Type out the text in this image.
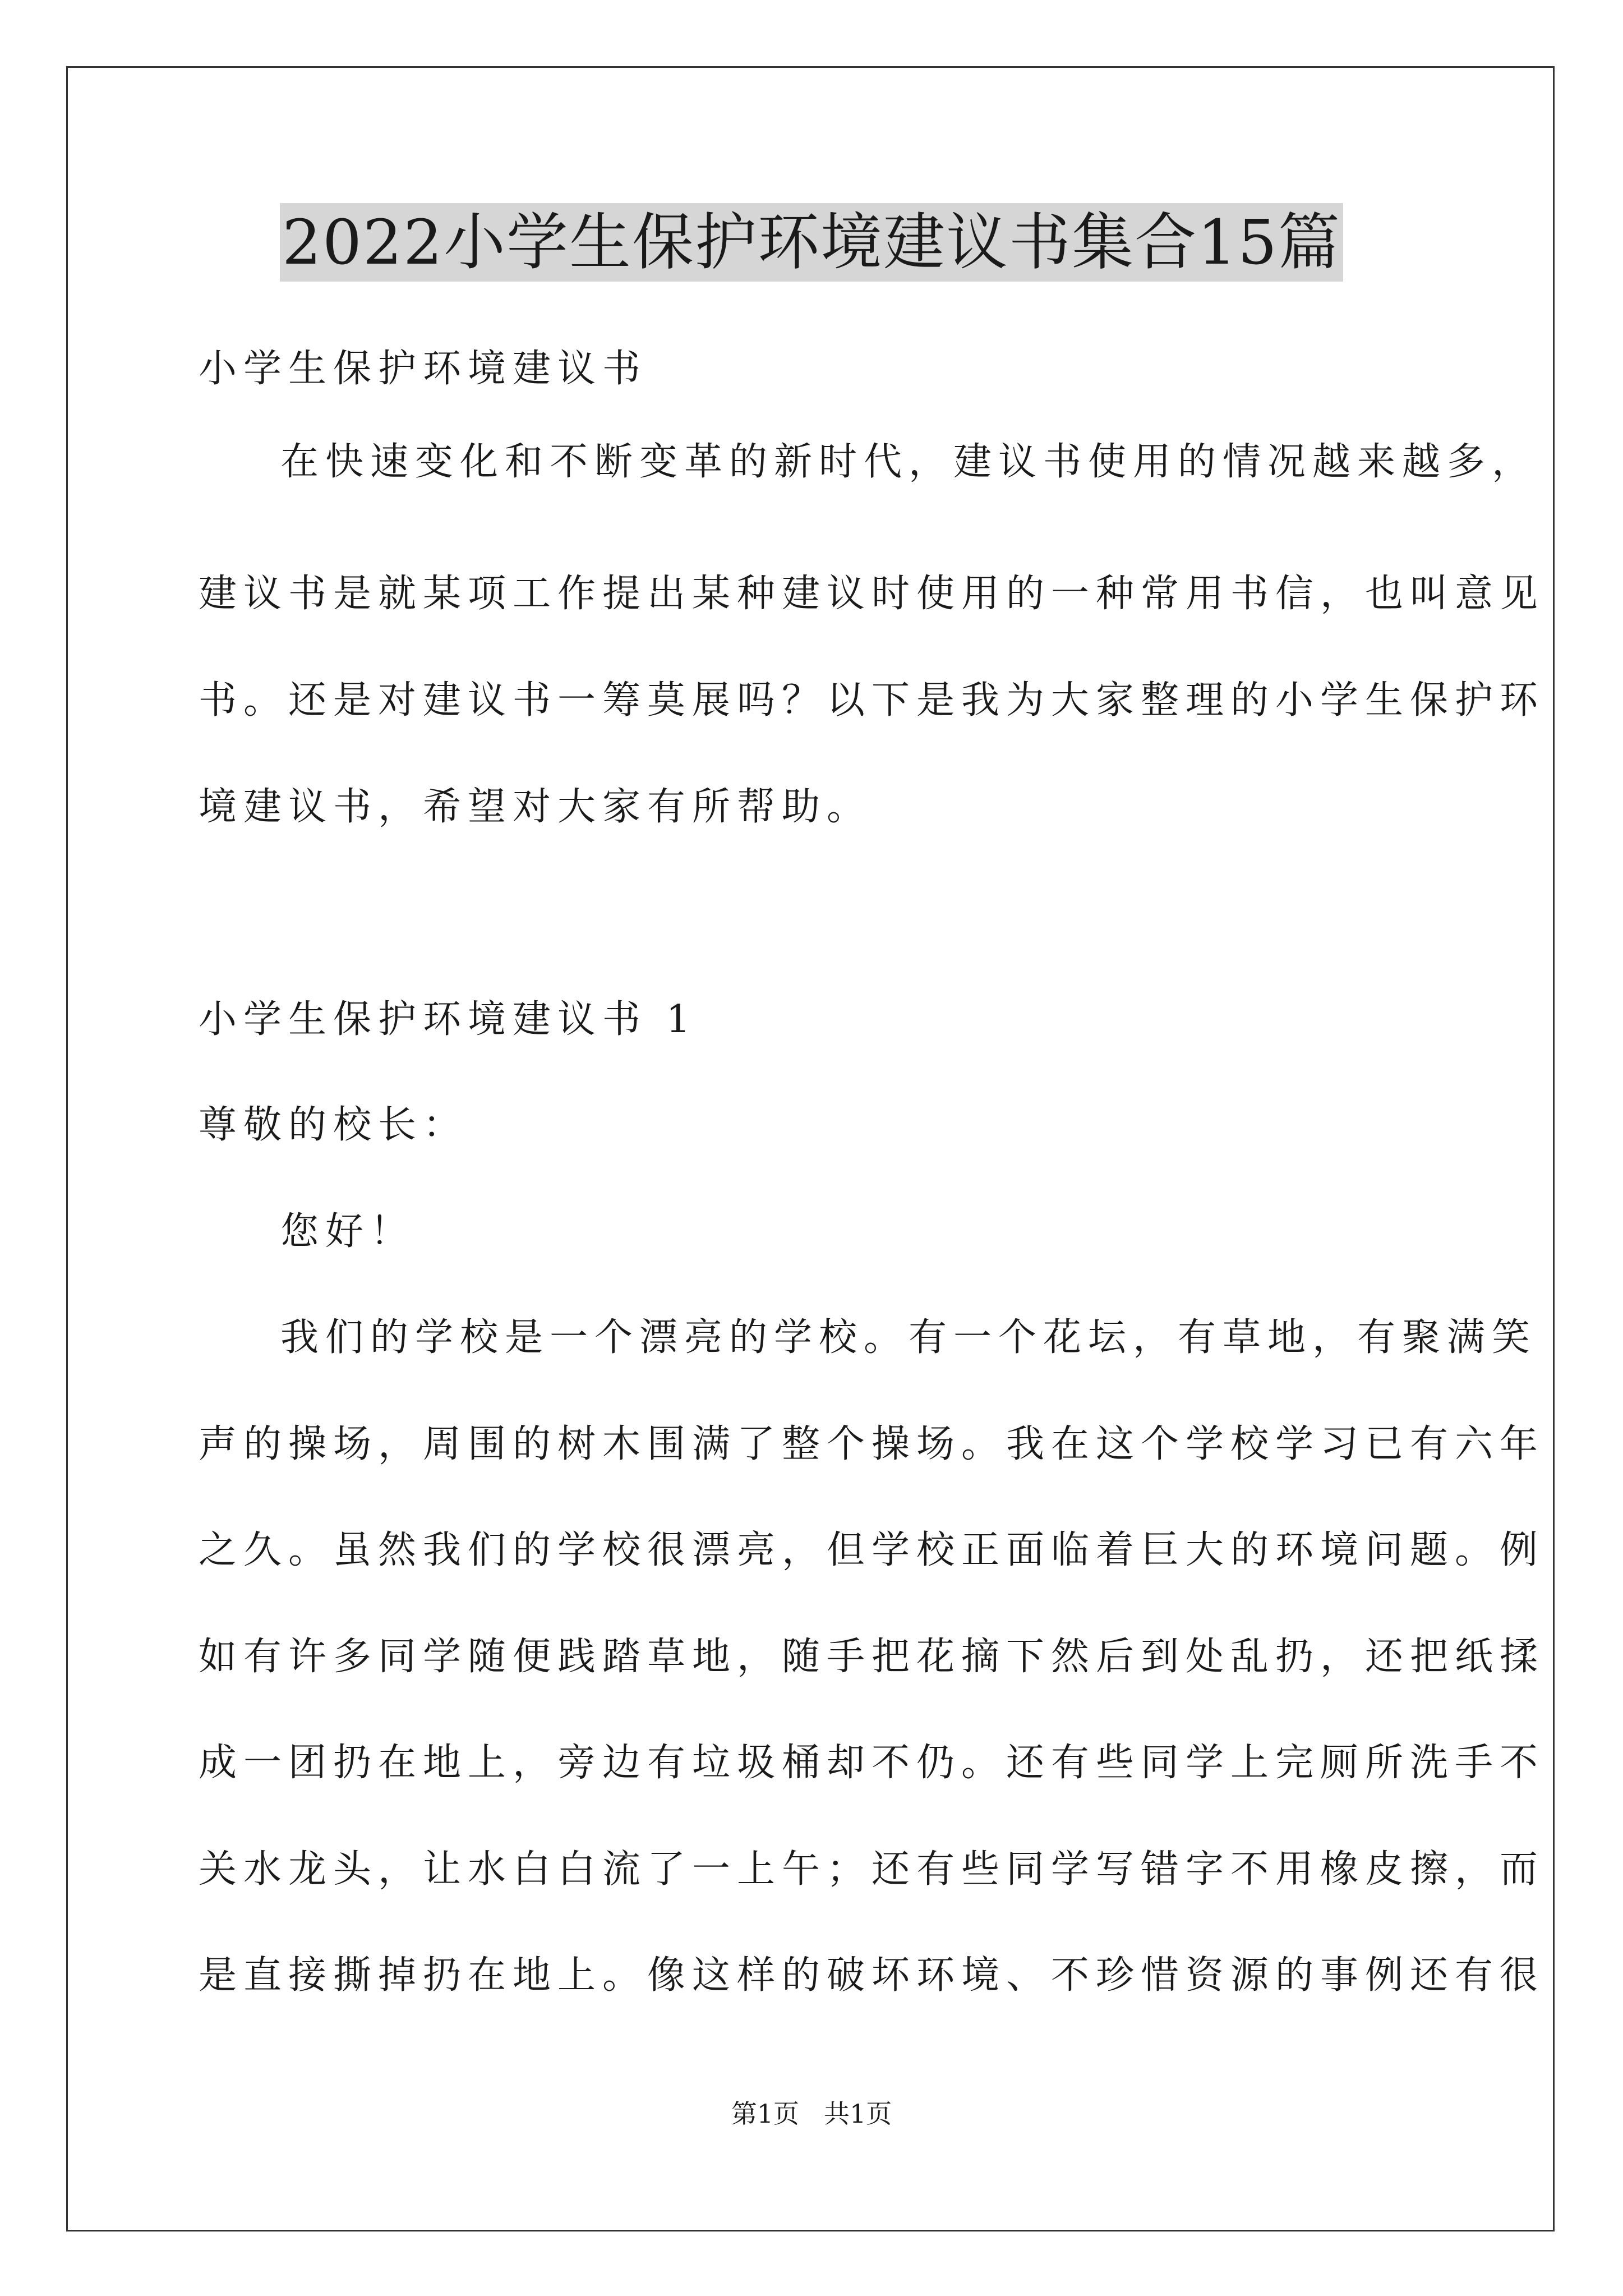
2022小学生保护环境建议书集合15篇
小学生保护环境建议书
在快速变化和不断变革的新时代，建议书使用的情况越来越多，
建议书是就某项工作提出某种建议时使用的一种常用书信，也叫意见
书。还是对建议书一筹莫展吗？以下是我为大家整理的小学生保护环
境建议书，希望对大家有所帮助。
小学生保护环境建议书 1
尊敬的校长：
您好！
我们的学校是一个漂亮的学校。有一个花坛，有草地，有聚满笑
声的操场，周围的树木围满了整个操场。我在这个学校学习已有六年
之久。虽然我们的学校很漂亮，但学校正面临着巨大的环境问题。例
如有许多同学随便践踏草地，随手把花摘下然后到处乱扔，还把纸揉
成一团扔在地上，旁边有垃圾桶却不仍。还有些同学上完厕所洗手不
关水龙头，让水白白流了一上午；还有些同学写错字不用橡皮擦，而
是直接撕掉扔在地上。像这样的破坏环境、不珍惜资源的事例还有很
第1页 共1页
